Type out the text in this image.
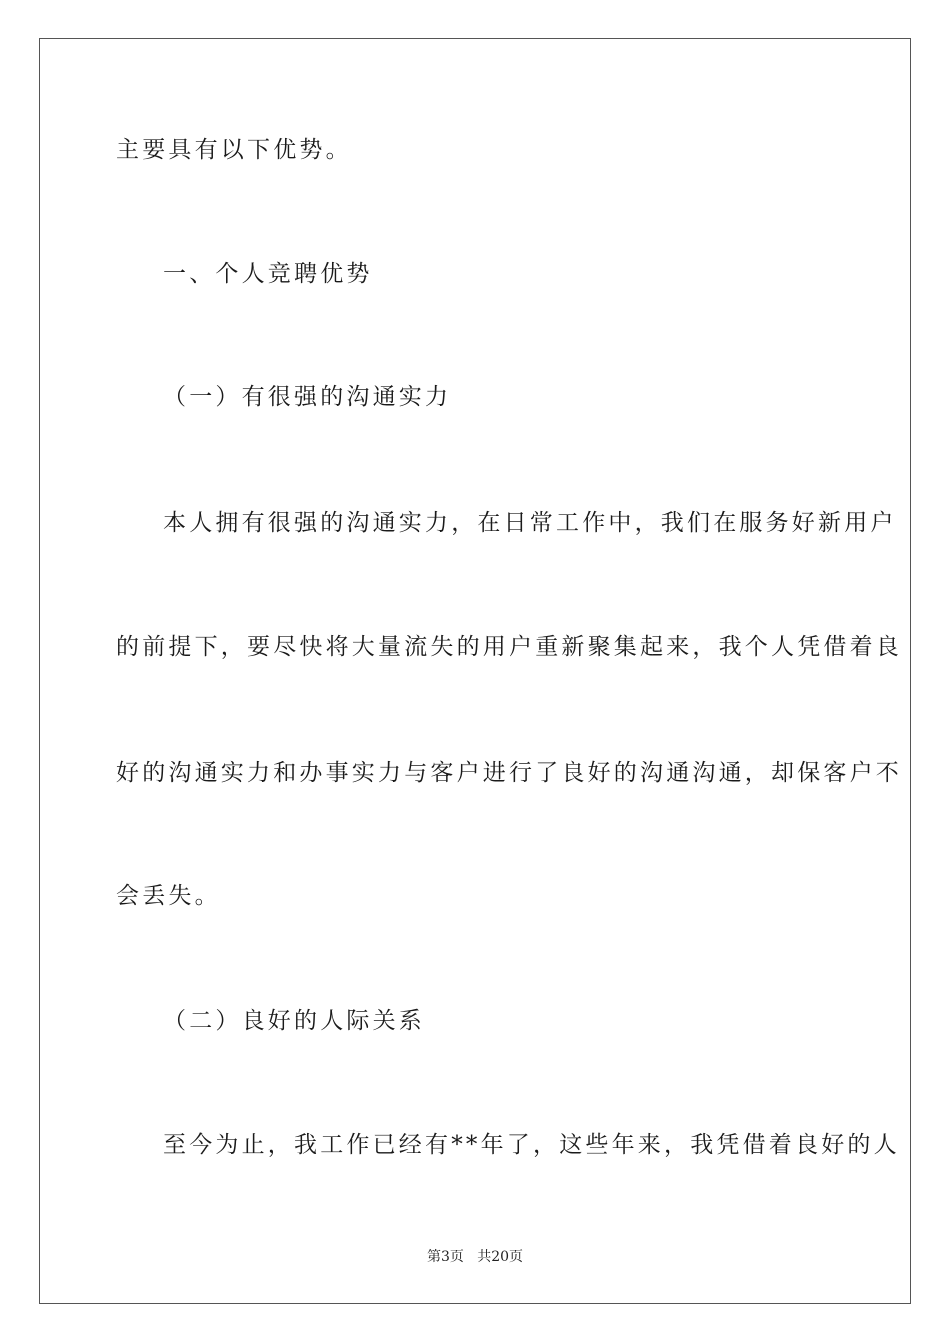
主要具有以下优势。
一、个人竞聘优势
（一）有很强的沟通实力
本人拥有很强的沟通实力，在日常工作中，我们在服务好新用户
的前提下，要尽快将大量流失的用户重新聚集起来，我个人凭借着良
好的沟通实力和办事实力与客户进行了良好的沟通沟通，却保客户不
会丢失。
（二）良好的人际关系
至今为止，我工作已经有**年了，这些年来，我凭借着良好的人
第3页   共20页
